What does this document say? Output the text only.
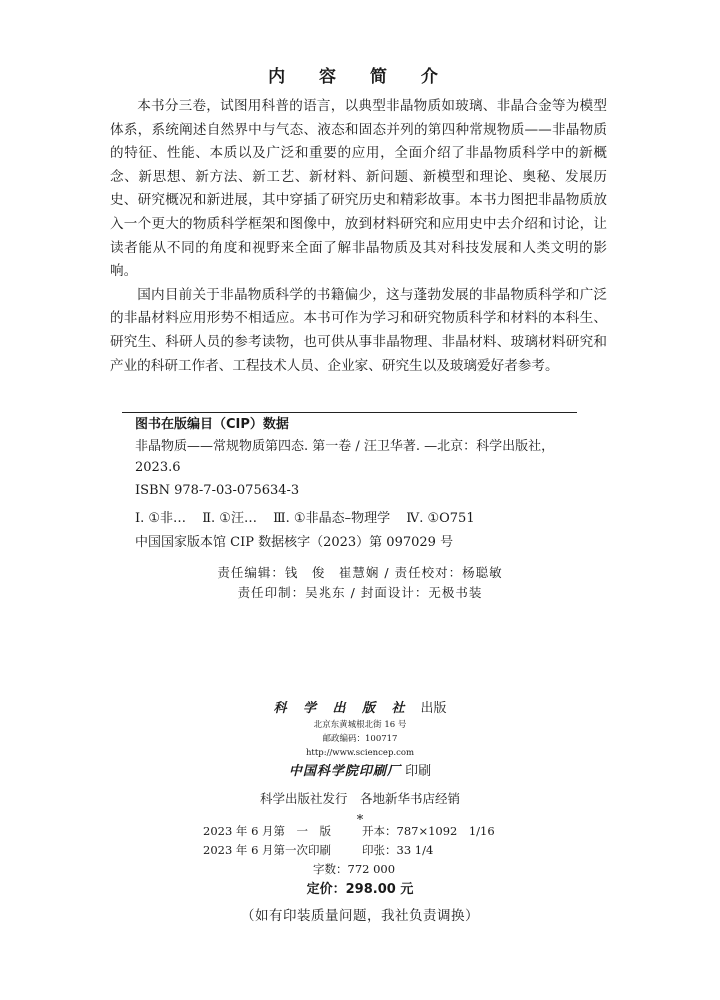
内 容 简 介

本书分三卷，试图用科普的语言，以典型非晶物质如玻璃、非晶合金等为模型体系，系统阐述自然界中与气态、液态和固态并列的第四种常规物质——非晶物质的特征、性能、本质以及广泛和重要的应用，全面介绍了非晶物质科学中的新概念、新思想、新方法、新工艺、新材料、新问题、新模型和理论、奥秘、发展历史、研究概况和新进展，其中穿插了研究历史和精彩故事。本书力图把非晶物质放入一个更大的物质科学框架和图像中，放到材料研究和应用史中去介绍和讨论，让读者能从不同的角度和视野来全面了解非晶物质及其对科技发展和人类文明的影响。

国内目前关于非晶物质科学的书籍偏少，这与蓬勃发展的非晶物质科学和广泛的非晶材料应用形势不相适应。本书可作为学习和研究物质科学和材料的本科生、研究生、科研人员的参考读物，也可供从事非晶物理、非晶材料、玻璃材料研究和产业的科研工作者、工程技术人员、企业家、研究生以及玻璃爱好者参考。

图书在版编目（CIP）数据
非晶物质——常规物质第四态. 第一卷 / 汪卫华著. —北京：科学出版社，2023.6
ISBN 978-7-03-075634-3
Ⅰ. ①非… Ⅱ. ①汪… Ⅲ. ①非晶态–物理学 Ⅳ. ①O751
中国国家版本馆 CIP 数据核字（2023）第 097029 号
责任编辑：钱　俊　崔慧娴 / 责任校对：杨聪敏
责任印制：吴兆东 / 封面设计：无极书装
科 学 出 版 社 出版
北京东黄城根北街 16 号
邮政编码：100717
http://www.sciencep.com
中国科学院印刷厂 印刷
科学出版社发行　各地新华书店经销
*
2023 年 6 月第　一　版	开本：787×1092　1/16
2023 年 6 月第一次印刷	印张：33 1/4
字数：772 000
定价：298.00 元
（如有印装质量问题，我社负责调换）
